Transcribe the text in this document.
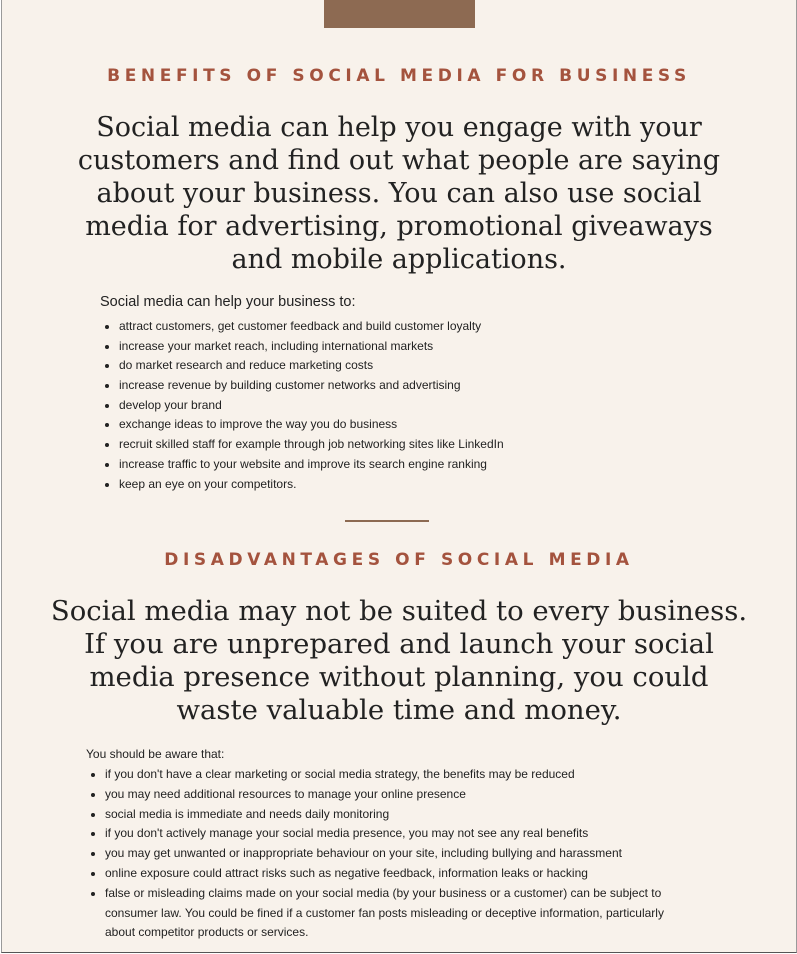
BENEFITS OF SOCIAL MEDIA FOR BUSINESS

Social media can help you engage with your
customers and find out what people are saying
about your business. You can also use social
media for advertising, promotional giveaways
and mobile applications.

Social media can help your business to:

attract customers, get customer feedback and build customer loyalty
increase your market reach, including international markets
do market research and reduce marketing costs
increase revenue by building customer networks and advertising
develop your brand
exchange ideas to improve the way you do business
recruit skilled staff for example through job networking sites like LinkedIn
increase traffic to your website and improve its search engine ranking
keep an eye on your competitors.
DISADVANTAGES OF SOCIAL MEDIA

Social media may not be suited to every business.
If you are unprepared and launch your social
media presence without planning, you could
waste valuable time and money.

You should be aware that:

if you don't have a clear marketing or social media strategy, the benefits may be reduced
you may need additional resources to manage your online presence
social media is immediate and needs daily monitoring
if you don't actively manage your social media presence, you may not see any real benefits
you may get unwanted or inappropriate behaviour on your site, including bullying and harassment
online exposure could attract risks such as negative feedback, information leaks or hacking
false or misleading claims made on your social media (by your business or a customer) can be subject to consumer law. You could be fined if a customer fan posts misleading or deceptive information, particularly about competitor products or services.
